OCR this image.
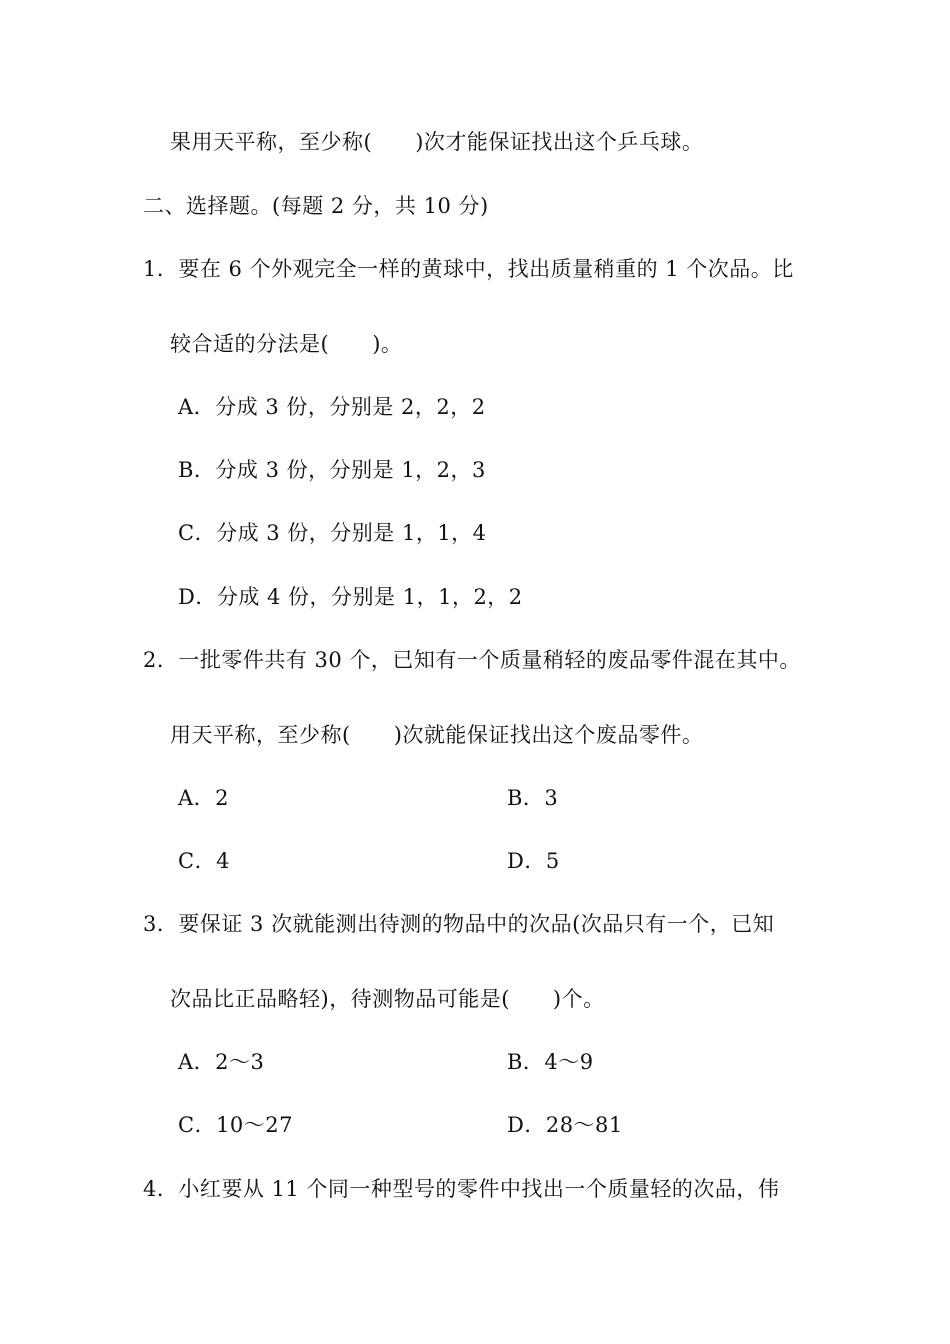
果用天平称，至少称(　　)次才能保证找出这个乒乓球。
二、选择题。(每题 2 分，共 10 分)
1．要在 6 个外观完全一样的黄球中，找出质量稍重的 1 个次品。比
较合适的分法是(　　)。
A．分成 3 份，分别是 2，2，2
B．分成 3 份，分别是 1，2，3
C．分成 3 份，分别是 1，1，4
D．分成 4 份，分别是 1，1，2，2
2．一批零件共有 30 个，已知有一个质量稍轻的废品零件混在其中。
用天平称，至少称(　　)次就能保证找出这个废品零件。
A．2	B．3
C．4	D．5
3．要保证 3 次就能测出待测的物品中的次品(次品只有一个，已知
次品比正品略轻)，待测物品可能是(　　)个。
A．2～3	B．4～9
C．10～27	D．28～81
4．小红要从 11 个同一种型号的零件中找出一个质量轻的次品，伟
